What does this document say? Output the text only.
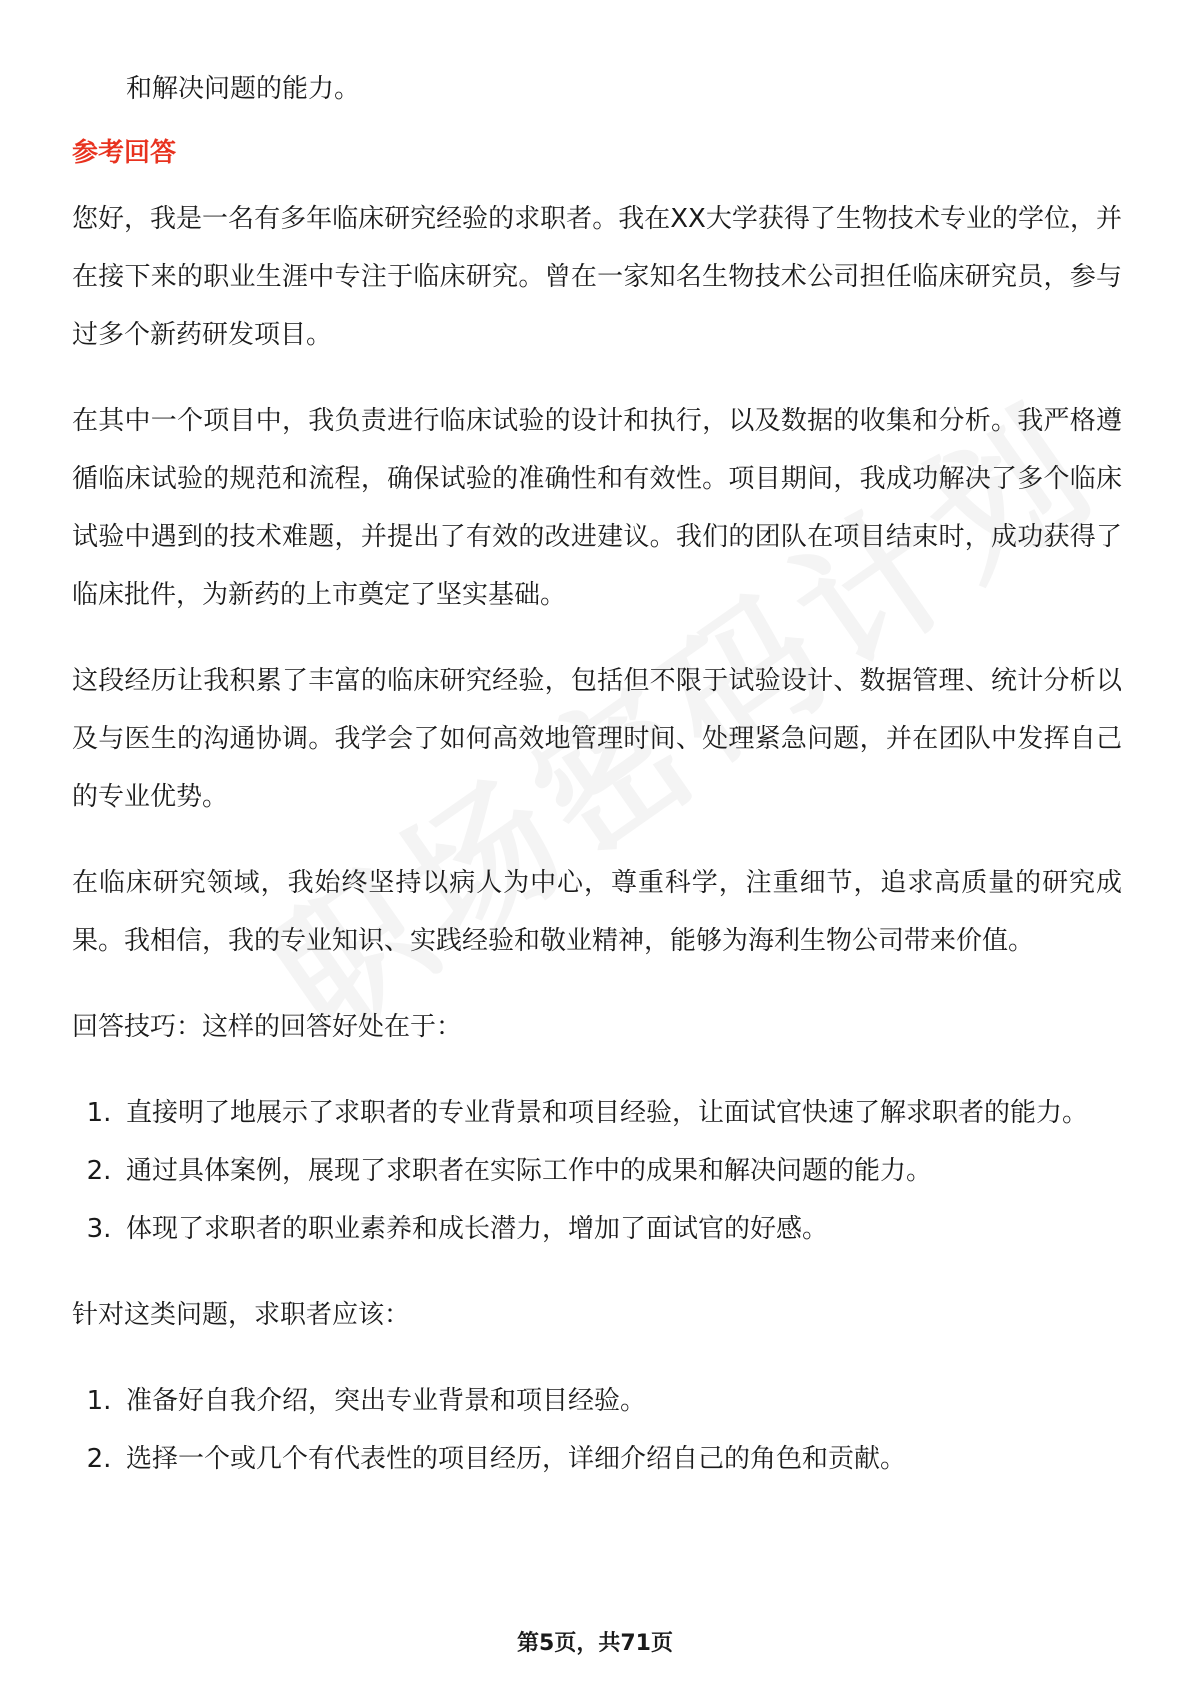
和解决问题的能力。

参考回答

您好，我是一名有多年临床研究经验的求职者。我在XX大学获得了生物技术专业的学位，并在接下来的职业生涯中专注于临床研究。曾在一家知名生物技术公司担任临床研究员，参与过多个新药研发项目。

在其中一个项目中，我负责进行临床试验的设计和执行，以及数据的收集和分析。我严格遵循临床试验的规范和流程，确保试验的准确性和有效性。项目期间，我成功解决了多个临床试验中遇到的技术难题，并提出了有效的改进建议。我们的团队在项目结束时，成功获得了临床批件，为新药的上市奠定了坚实基础。

这段经历让我积累了丰富的临床研究经验，包括但不限于试验设计、数据管理、统计分析以及与医生的沟通协调。我学会了如何高效地管理时间、处理紧急问题，并在团队中发挥自己的专业优势。

在临床研究领域，我始终坚持以病人为中心，尊重科学，注重细节，追求高质量的研究成果。我相信，我的专业知识、实践经验和敬业精神，能够为海利生物公司带来价值。

回答技巧：这样的回答好处在于：

1. 直接明了地展示了求职者的专业背景和项目经验，让面试官快速了解求职者的能力。
2. 通过具体案例，展现了求职者在实际工作中的成果和解决问题的能力。
3. 体现了求职者的职业素养和成长潜力，增加了面试官的好感。

针对这类问题，求职者应该：

1. 准备好自我介绍，突出专业背景和项目经验。
2. 选择一个或几个有代表性的项目经历，详细介绍自己的角色和贡献。
第5页，共71页
